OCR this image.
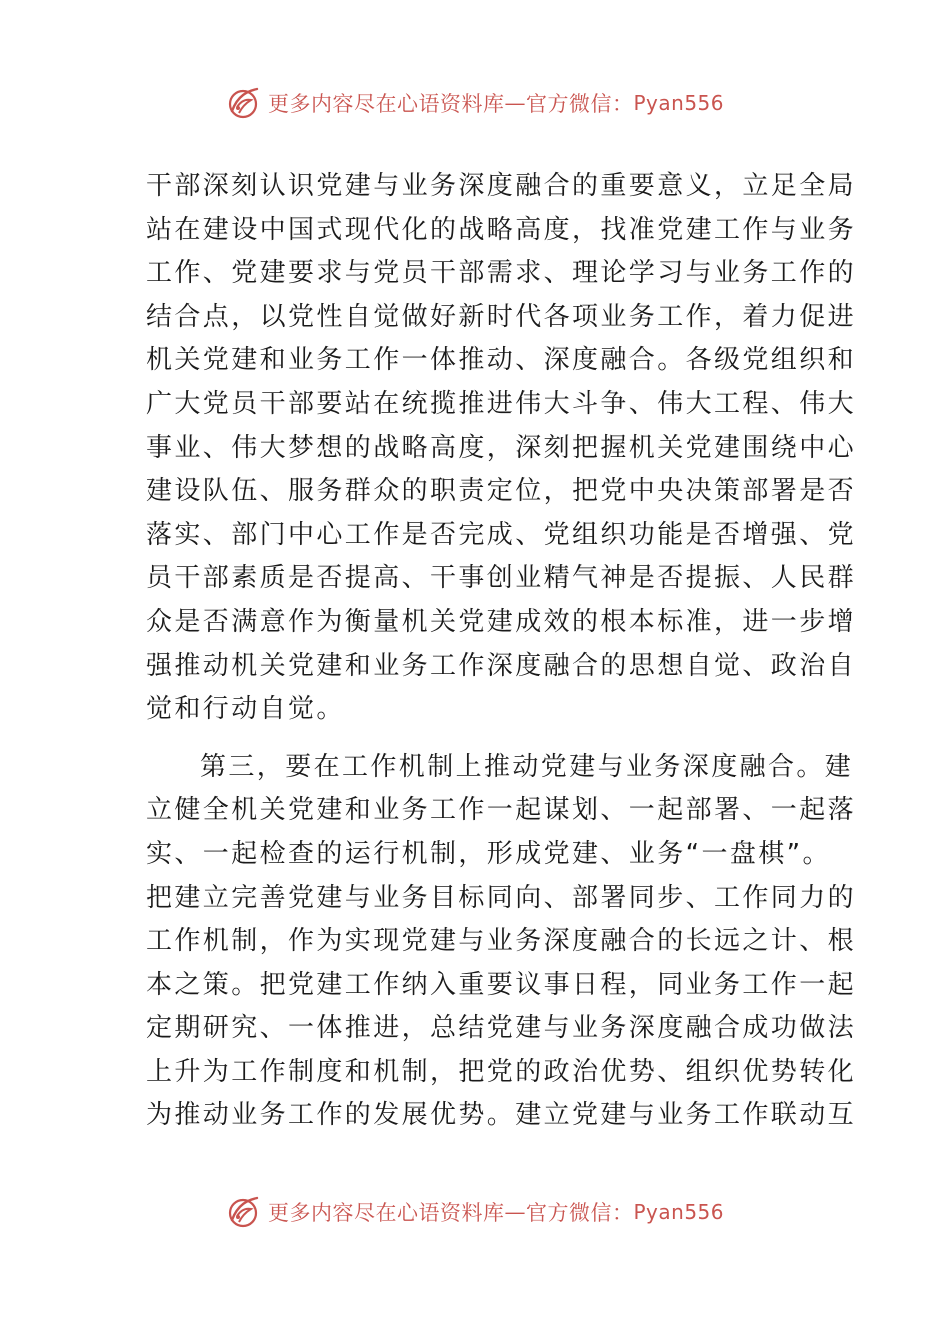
更多内容尽在心语资料库 — 官方微信： Pyan556
干部深刻认识党建与业务深度融合的重要意义，立足全局
站在建设中国式现代化的战略高度，找准党建工作与业务
工作、党建要求与党员干部需求、理论学习与业务工作的
结合点，以党性自觉做好新时代各项业务工作，着力促进
机关党建和业务工作一体推动、深度融合。各级党组织和
广大党员干部要站在统揽推进伟大斗争、伟大工程、伟大
事业、伟大梦想的战略高度，深刻把握机关党建围绕中心
建设队伍、服务群众的职责定位，把党中央决策部署是否
落实、部门中心工作是否完成、党组织功能是否增强、党
员干部素质是否提高、干事创业精气神是否提振、人民群
众是否满意作为衡量机关党建成效的根本标准，进一步增
强推动机关党建和业务工作深度融合的思想自觉、政治自
觉和行动自觉。
第三，要在工作机制上推动党建与业务深度融合。建
立健全机关党建和业务工作一起谋划、一起部署、一起落
实、一起检查的运行机制，形成党建、业务“一盘棋”。
把建立完善党建与业务目标同向、部署同步、工作同力的
工作机制，作为实现党建与业务深度融合的长远之计、根
本之策。把党建工作纳入重要议事日程，同业务工作一起
定期研究、一体推进，总结党建与业务深度融合成功做法
上升为工作制度和机制，把党的政治优势、组织优势转化
为推动业务工作的发展优势。建立党建与业务工作联动互
更多内容尽在心语资料库 — 官方微信： Pyan556
